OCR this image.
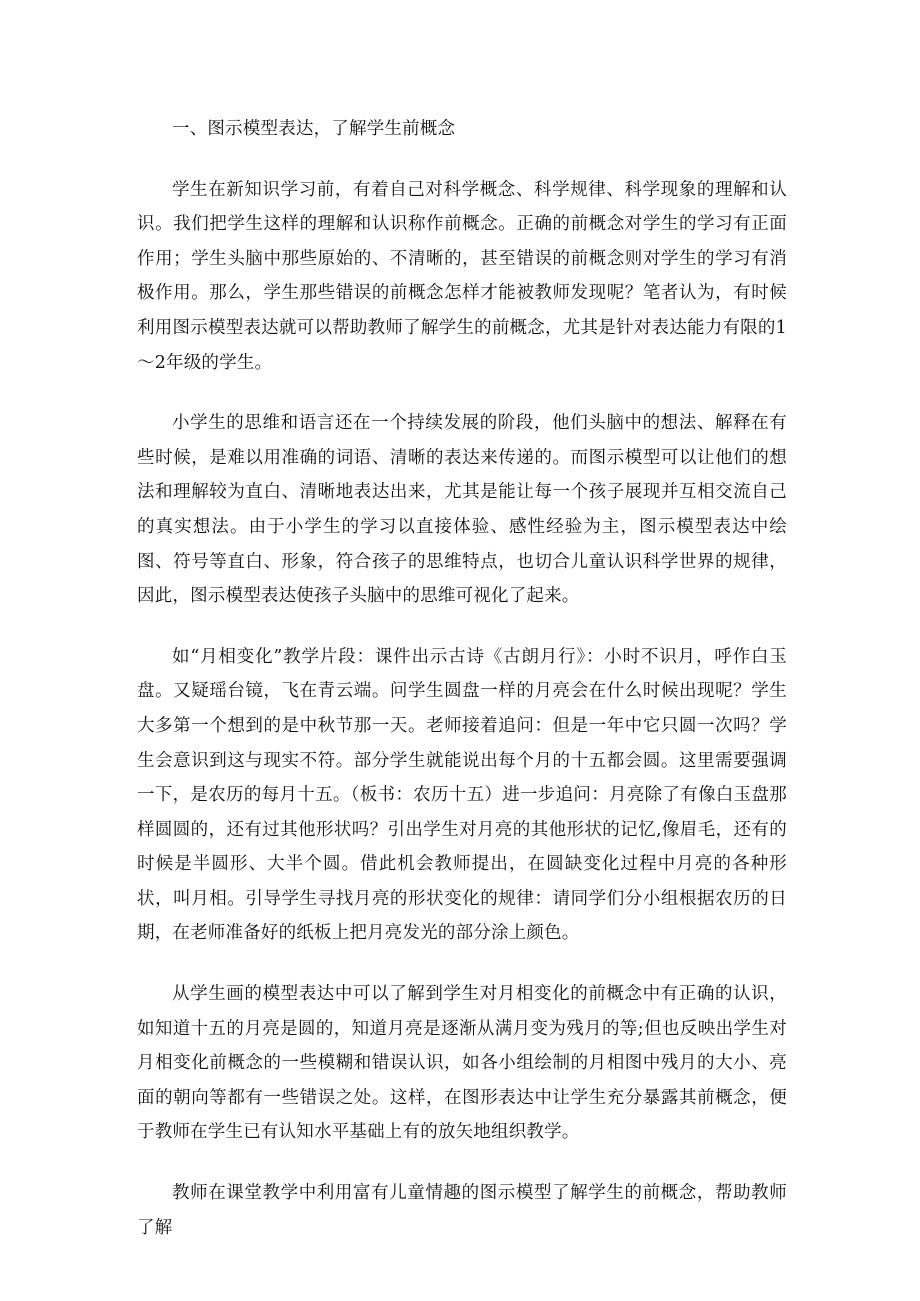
一、图示模型表达，了解学生前概念

学生在新知识学习前，有着自己对科学概念、科学规律、科学现象的理解和认识。我们把学生这样的理解和认识称作前概念。正确的前概念对学生的学习有正面作用；学生头脑中那些原始的、不清晰的，甚至错误的前概念则对学生的学习有消极作用。那么，学生那些错误的前概念怎样才能被教师发现呢？笔者认为，有时候利用图示模型表达就可以帮助教师了解学生的前概念，尤其是针对表达能力有限的1～2年级的学生。

小学生的思维和语言还在一个持续发展的阶段，他们头脑中的想法、解释在有些时候，是难以用准确的词语、清晰的表达来传递的。而图示模型可以让他们的想法和理解较为直白、清晰地表达出来，尤其是能让每一个孩子展现并互相交流自己的真实想法。由于小学生的学习以直接体验、感性经验为主，图示模型表达中绘图、符号等直白、形象，符合孩子的思维特点，也切合儿童认识科学世界的规律，因此，图示模型表达使孩子头脑中的思维可视化了起来。

如“月相变化”教学片段：课件出示古诗《古朗月行》：小时不识月，呼作白玉盘。又疑瑶台镜，飞在青云端。问学生圆盘一样的月亮会在什么时候出现呢？学生大多第一个想到的是中秋节那一天。老师接着追问：但是一年中它只圆一次吗？学生会意识到这与现实不符。部分学生就能说出每个月的十五都会圆。这里需要强调一下，是农历的每月十五。（板书：农历十五）进一步追问：月亮除了有像白玉盘那样圆圆的，还有过其他形状吗？引出学生对月亮的其他形状的记忆,像眉毛，还有的时候是半圆形、大半个圆。借此机会教师提出，在圆缺变化过程中月亮的各种形状，叫月相。引导学生寻找月亮的形状变化的规律：请同学们分小组根据农历的日期，在老师准备好的纸板上把月亮发光的部分涂上颜色。

从学生画的模型表达中可以了解到学生对月相变化的前概念中有正确的认识，如知道十五的月亮是圆的，知道月亮是逐渐从满月变为残月的等;但也反映出学生对月相变化前概念的一些模糊和错误认识，如各小组绘制的月相图中残月的大小、亮面的朝向等都有一些错误之处。这样，在图形表达中让学生充分暴露其前概念，便于教师在学生已有认知水平基础上有的放矢地组织教学。

教师在课堂教学中利用富有儿童情趣的图示模型了解学生的前概念，帮助教师了解
